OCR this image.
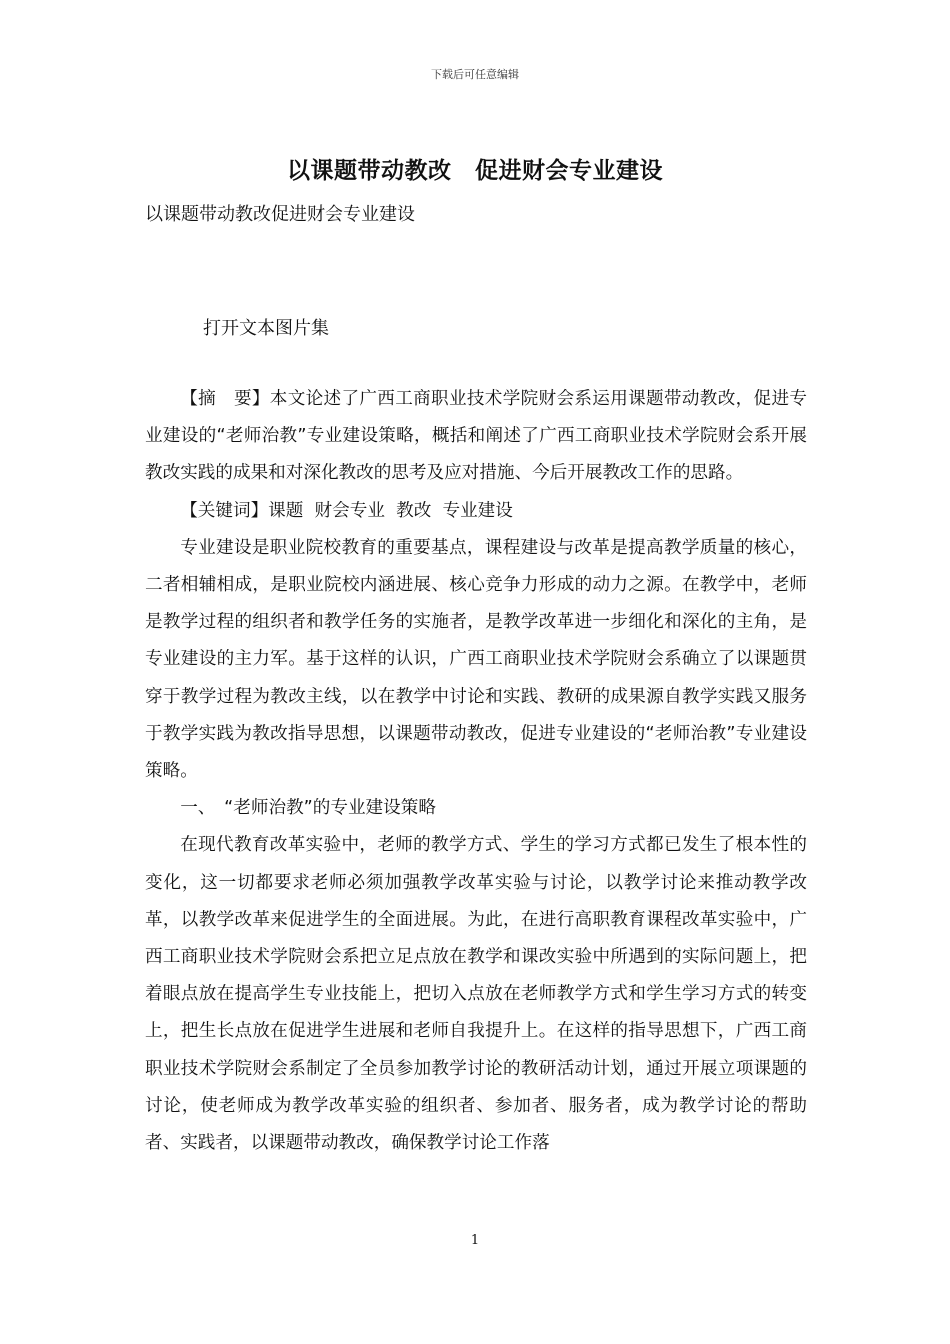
下载后可任意编辑
以课题带动教改　促进财会专业建设
以课题带动教改促进财会专业建设
打开文本图片集

【摘　要】本文论述了广西工商职业技术学院财会系运用课题带动教改，促进专业建设的“老师治教”专业建设策略，概括和阐述了广西工商职业技术学院财会系开展教改实践的成果和对深化教改的思考及应对措施、今后开展教改工作的思路。

【关键词】课题  财会专业  教改  专业建设

专业建设是职业院校教育的重要基点，课程建设与改革是提高教学质量的核心，二者相辅相成，是职业院校内涵进展、核心竞争力形成的动力之源。在教学中，老师是教学过程的组织者和教学任务的实施者，是教学改革进一步细化和深化的主角，是专业建设的主力军。基于这样的认识，广西工商职业技术学院财会系确立了以课题贯穿于教学过程为教改主线，以在教学中讨论和实践、教研的成果源自教学实践又服务于教学实践为教改指导思想，以课题带动教改，促进专业建设的“老师治教”专业建设策略。

一、　“老师治教”的专业建设策略

在现代教育改革实验中，老师的教学方式、学生的学习方式都已发生了根本性的变化，这一切都要求老师必须加强教学改革实验与讨论，以教学讨论来推动教学改革，以教学改革来促进学生的全面进展。为此，在进行高职教育课程改革实验中，广西工商职业技术学院财会系把立足点放在教学和课改实验中所遇到的实际问题上，把着眼点放在提高学生专业技能上，把切入点放在老师教学方式和学生学习方式的转变上，把生长点放在促进学生进展和老师自我提升上。在这样的指导思想下，广西工商职业技术学院财会系制定了全员参加教学讨论的教研活动计划，通过开展立项课题的讨论，使老师成为教学改革实验的组织者、参加者、服务者，成为教学讨论的帮助者、实践者，以课题带动教改，确保教学讨论工作落

1
